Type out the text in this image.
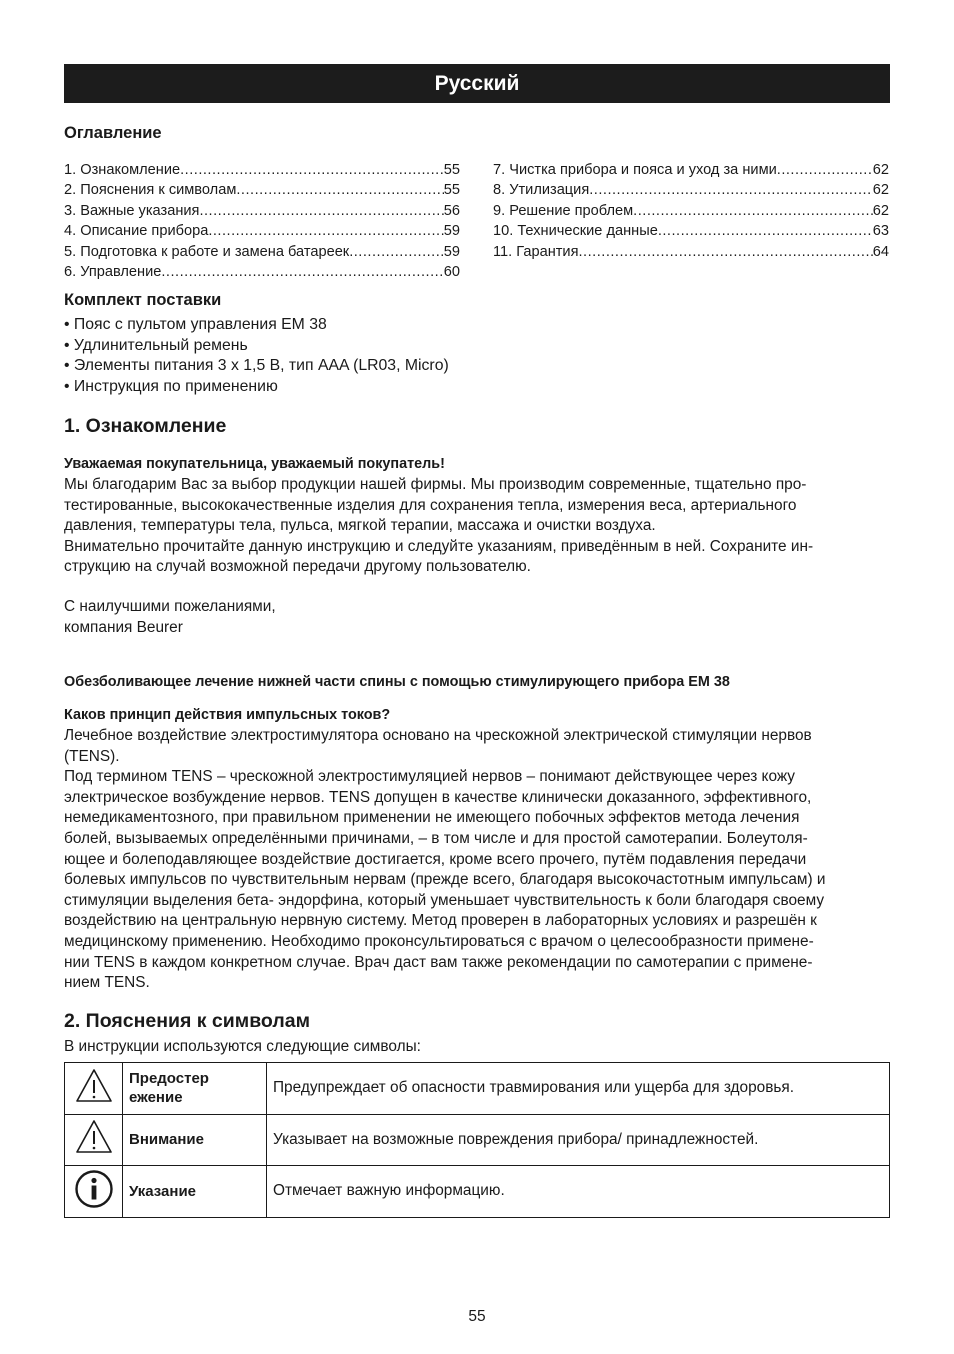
Русский
Оглавление
1. Ознакомление .....	55
2. Пояснения к символам .....	55
3. Важные указания .....	56
4. Описание прибора .....	59
5. Подготовка к работе и замена батареек .....	59
6. Управление .....	60
7. Чистка прибора и пояса и уход за ними .....	62
8. Утилизация .....	62
9. Решение проблем .....	62
10. Технические данные .....	63
11. Гарантия .....	64
Комплект поставки
• Пояс с пультом управления EM 38
• Удлинительный ремень
• Элементы питания 3 x 1,5 В, тип AAA (LR03, Micro)
• Инструкция по применению
1. Ознакомление
Уважаемая покупательница, уважаемый покупатель!
Мы благодарим Вас за выбор продукции нашей фирмы. Мы производим современные, тщательно про-
тестированные, высококачественные изделия для сохранения тепла, измерения веса, артериального
давления, температуры тела, пульса, мягкой терапии, массажа и очистки воздуха.
Внимательно прочитайте данную инструкцию и следуйте указаниям, приведённым в ней. Сохраните ин-
струкцию на случай возможной передачи другому пользователю.
С наилучшими пожеланиями,
компания Beurer
Обезболивающее лечение нижней части спины с помощью стимулирующего прибора EM 38
Каков принцип действия импульсных токов?
Лечебное воздействие электростимулятора основано на чрескожной электрической стимуляции нервов
(TENS).
Под термином TENS – чрескожной электростимуляцией нервов – понимают действующее через кожу
электрическое возбуждение нервов. TENS допущен в качестве клинически доказанного, эффективного,
немедикаментозного, при правильном применении не имеющего побочных эффектов метода лечения
болей, вызываемых определёнными причинами, – в том числе и для простой самотерапии. Болеутоля-
ющее и болеподавляющее воздействие достигается, кроме всего прочего, путём подавления передачи
болевых импульсов по чувствительным нервам (прежде всего, благодаря высокочастотным импульсам) и
стимуляции выделения бета- эндорфина, который уменьшает чувствительность к боли благодаря своему
воздействию на центральную нервную систему. Метод проверен в лабораторных условиях и разрешён к
медицинскому применению. Необходимо проконсультироваться с врачом о целесообразности примене-
нии TENS в каждом конкретном случае. Врач даст вам также рекомендации по самотерапии с примене-
нием TENS.
2. Пояснения к символам
В инструкции используются следующие символы:

Предостер
ежение	Предупреждает об опасности травмирования или ущерба для здоровья.

Внимание	Указывает на возможные повреждения прибора/ принадлежностей.

Указание	Отмечает важную информацию.
55
